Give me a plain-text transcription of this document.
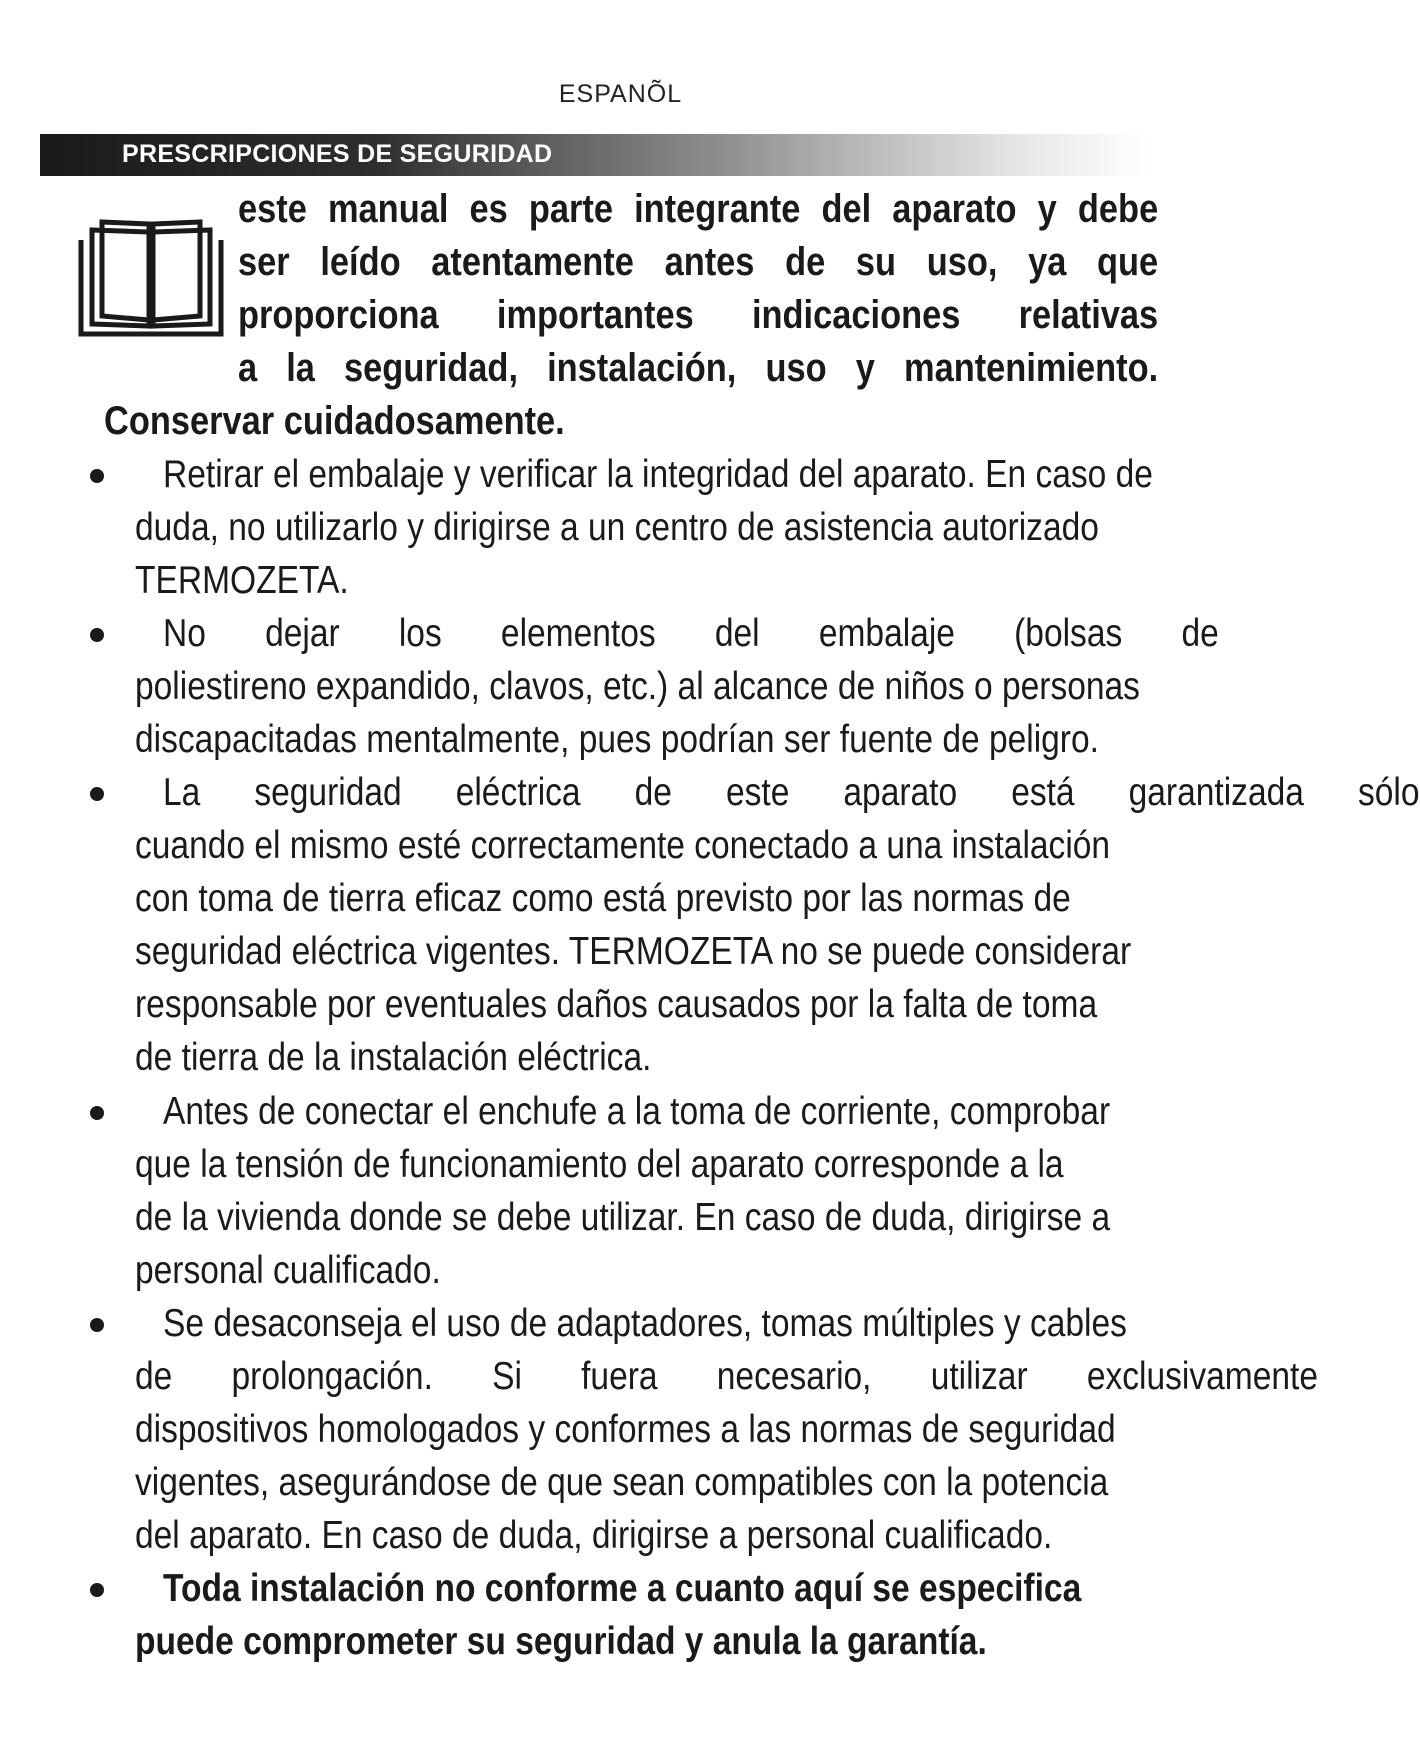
ESPANÕL
PRESCRIPCIONES DE SEGURIDAD
este manual es parte integrante del aparato y debe
ser leído atentamente antes de su uso, ya que
proporciona importantes indicaciones relativas
a la seguridad, instalación, uso y mantenimiento.
Conservar cuidadosamente.
Retirar el embalaje y verificar la integridad del aparato. En caso de
duda, no utilizarlo y dirigirse a un centro de asistencia autorizado
TERMOZETA.
No dejar los elementos del embalaje (bolsas de
poliestireno expandido, clavos, etc.) al alcance de niños o personas
discapacitadas mentalmente, pues podrían ser fuente de peligro.
La seguridad eléctrica de este aparato está garantizada sólo
cuando el mismo esté correctamente conectado a una instalación
con toma de tierra eficaz como está previsto por las normas de
seguridad eléctrica vigentes. TERMOZETA no se puede considerar
responsable por eventuales daños causados por la falta de toma
de tierra de la instalación eléctrica.
Antes de conectar el enchufe a la toma de corriente, comprobar
que la tensión de funcionamiento del aparato corresponde a la
de la vivienda donde se debe utilizar. En caso de duda, dirigirse a
personal cualificado.
Se desaconseja el uso de adaptadores, tomas múltiples y cables
de prolongación. Si fuera necesario, utilizar exclusivamente
dispositivos homologados y conformes a las normas de seguridad
vigentes, asegurándose de que sean compatibles con la potencia
del aparato. En caso de duda, dirigirse a personal cualificado.
Toda instalación no conforme a cuanto aquí se especifica
puede comprometer su seguridad y anula la garantía.
